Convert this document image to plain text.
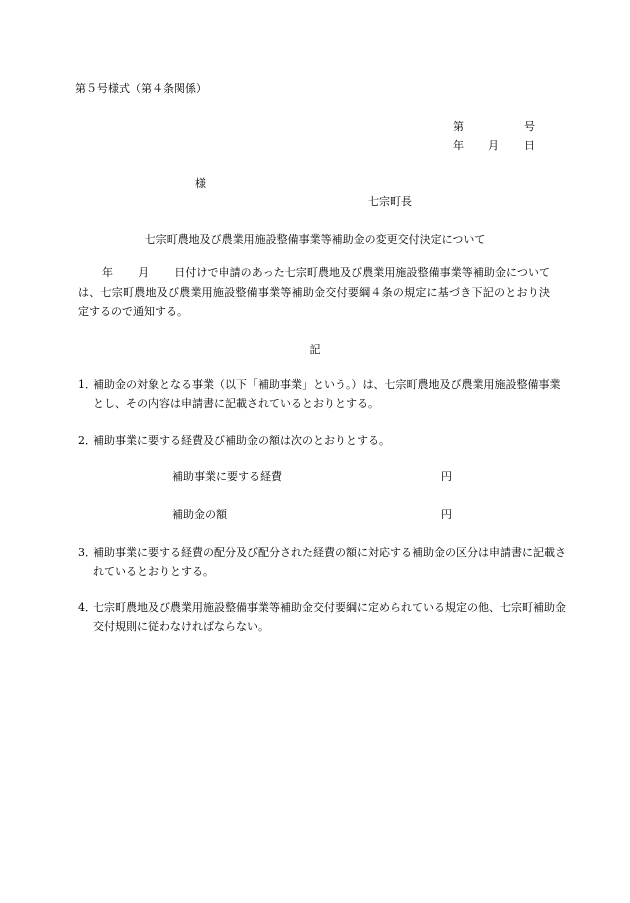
第５号様式（第４条関係）
第	号
年 月 日
様
七宗町長
七宗町農地及び農業用施設整備事業等補助金の変更交付決定について
年 月 日付けで申請のあった七宗町農地及び農業用施設整備事業等補助金については、七宗町農地及び農業用施設整備事業等補助金交付要綱４条の規定に基づき下記のとおり決定するので通知する。
記
1．補助金の対象となる事業（以下「補助事業」という。）は、七宗町農地及び農業用施設整備事業とし、その内容は申請書に記載されているとおりとする。
2．補助事業に要する経費及び補助金の額は次のとおりとする。
補助事業に要する経費	円
補助金の額	円
3．補助事業に要する経費の配分及び配分された経費の額に対応する補助金の区分は申請書に記載されているとおりとする。
4．七宗町農地及び農業用施設整備事業等補助金交付要綱に定められている規定の他、七宗町補助金交付規則に従わなければならない。
